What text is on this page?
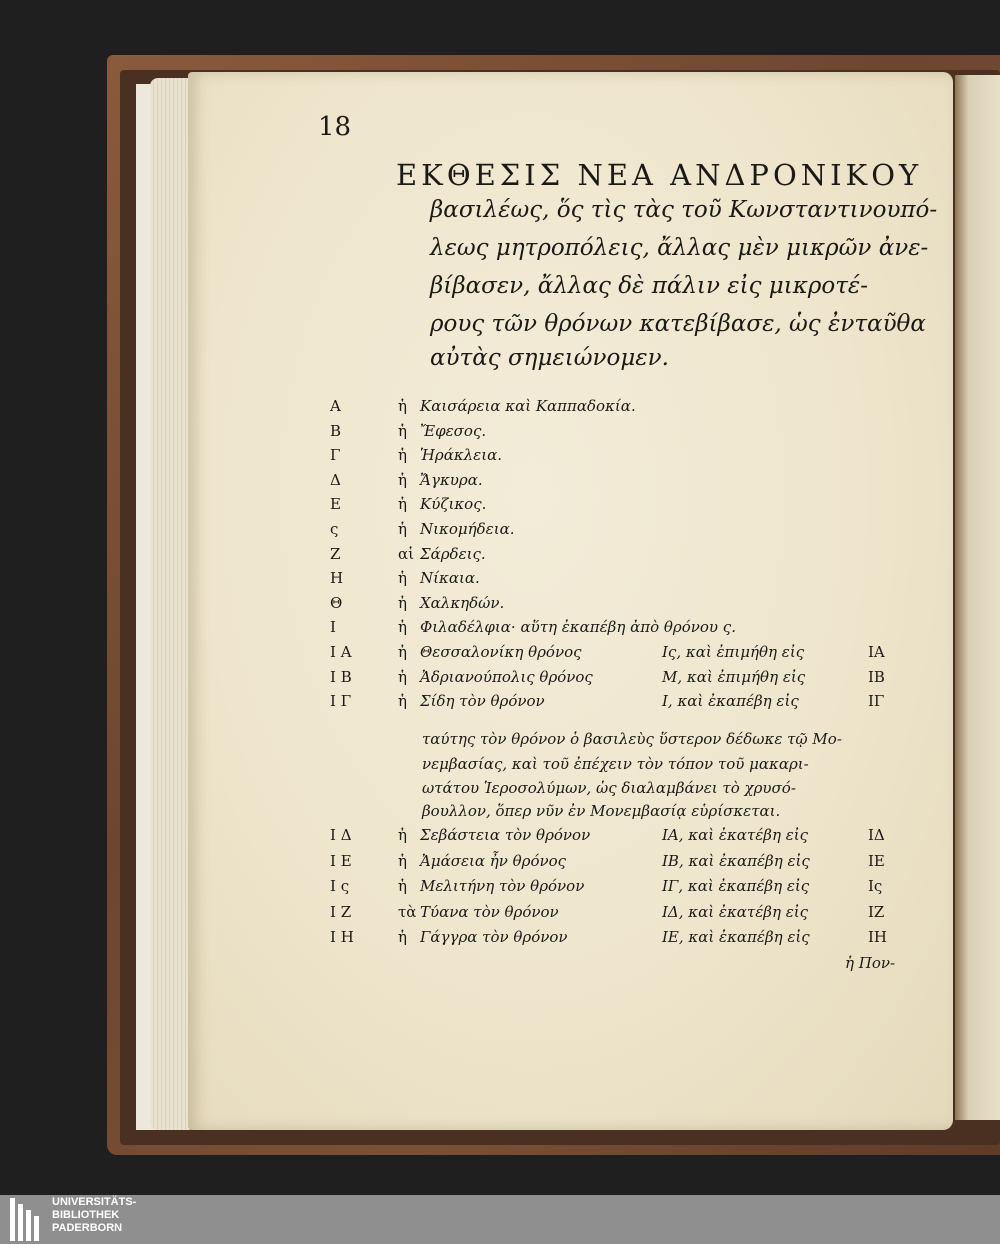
18
ΕΚΘΕΣΙΣ ΝΕΑ ΑΝΔΡΟΝΙΚΟΥ
βασιλέως, ὅς τὶς τὰς τοῦ Κωνσταντινουπό-
λεως μητροπόλεις, ἄλλας μὲν μικρῶν ἀνε-
βίβασεν, ἄλλας δὲ πάλιν εἰς μικροτέ-
ρους τῶν θρόνων κατεβίβασε, ὡς ἐνταῦθα
αὐτὰς σημειώνομεν.
Α	ἡ Καισάρεια καὶ Καππαδοκία.
Β	ἡ Ἔφεσος.
Γ	ἡ Ἡράκλεια.
Δ	ἡ Ἄγκυρα.
Ε	ἡ Κύζικος.
ς	ἡ Νικομήδεια.
Ζ	αἱ Σάρδεις.
Η	ἡ Νίκαια.
Θ	ἡ Χαλκηδών.
Ι	ἡ Φιλαδέλφια· αὕτη ἐκαπέβη ἀπὸ θρόνου ς.
Ι Α	ἡ Θεσσαλονίκη θρόνος	Ις, καὶ ἐπιμήθη εἰς	ΙΑ
Ι Β	ἡ Ἀδριανούπολις θρόνος	Μ, καὶ ἐπιμήθη εἰς	ΙΒ
Ι Γ	ἡ Σίδη τὸν θρόνον	Ι, καὶ ἐκαπέβη εἰς	ΙΓ
ταύτης τὸν θρόνον ὁ βασιλεὺς ὕστερον δέδωκε τῷ Μο-
νεμβασίας, καὶ τοῦ ἐπέχειν τὸν τόπον τοῦ μακαρι-
ωτάτου Ἱεροσολύμων, ὡς διαλαμβάνει τὸ χρυσό-
βουλλον, ὅπερ νῦν ἐν Μονεμβασίᾳ εὑρίσκεται.
Ι Δ	ἡ Σεβάστεια τὸν θρόνον	ΙΑ, καὶ ἐκατέβη εἰς	ΙΔ
Ι Ε	ἡ Ἀμάσεια ἦν θρόνος	ΙΒ, καὶ ἐκαπέβη εἰς	ΙΕ
Ι ς	ἡ Μελιτήνη τὸν θρόνον	ΙΓ, καὶ ἐκαπέβη εἰς	Ις
Ι Ζ	τὰ Τύανα τὸν θρόνον	ΙΔ, καὶ ἐκατέβη εἰς	ΙΖ
Ι Η	ἡ Γάγγρα τὸν θρόνον	ΙΕ, καὶ ἐκαπέβη εἰς	ΙΗ
ἡ Πον-
UNIVERSITÄTS-
BIBLIOTHEK
PADERBORN
